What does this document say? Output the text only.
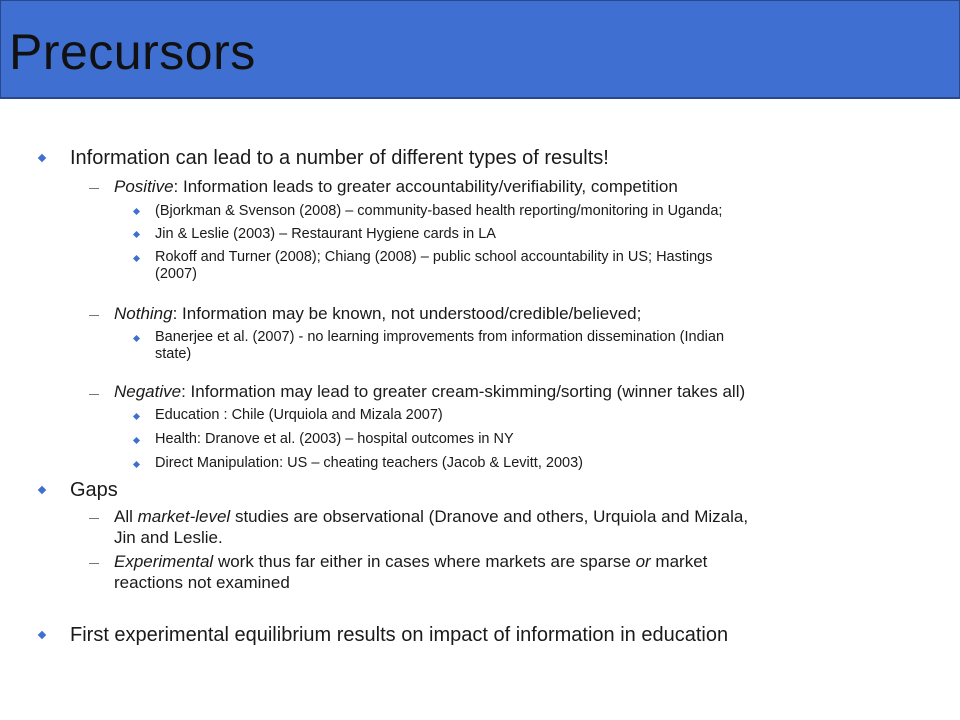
Precursors
Information can lead to a number of different types of results!
Positive: Information leads to greater accountability/verifiability, competition
(Bjorkman & Svenson (2008) – community-based health reporting/monitoring in Uganda;
Jin & Leslie (2003) – Restaurant Hygiene cards in LA
Rokoff and Turner (2008); Chiang (2008) – public school accountability in US; Hastings
(2007)
Nothing: Information may be known, not understood/credible/believed;
Banerjee et al. (2007) - no learning improvements from information dissemination (Indian
state)
Negative: Information may lead to greater cream-skimming/sorting (winner takes all)
Education : Chile (Urquiola and Mizala 2007)
Health: Dranove et al. (2003) – hospital outcomes in NY
Direct Manipulation: US – cheating teachers (Jacob & Levitt, 2003)
Gaps
All market-level studies are observational (Dranove and others, Urquiola and Mizala,
Jin and Leslie.
Experimental work thus far either in cases where markets are sparse or market
reactions not examined
First experimental equilibrium results on impact of information in education
